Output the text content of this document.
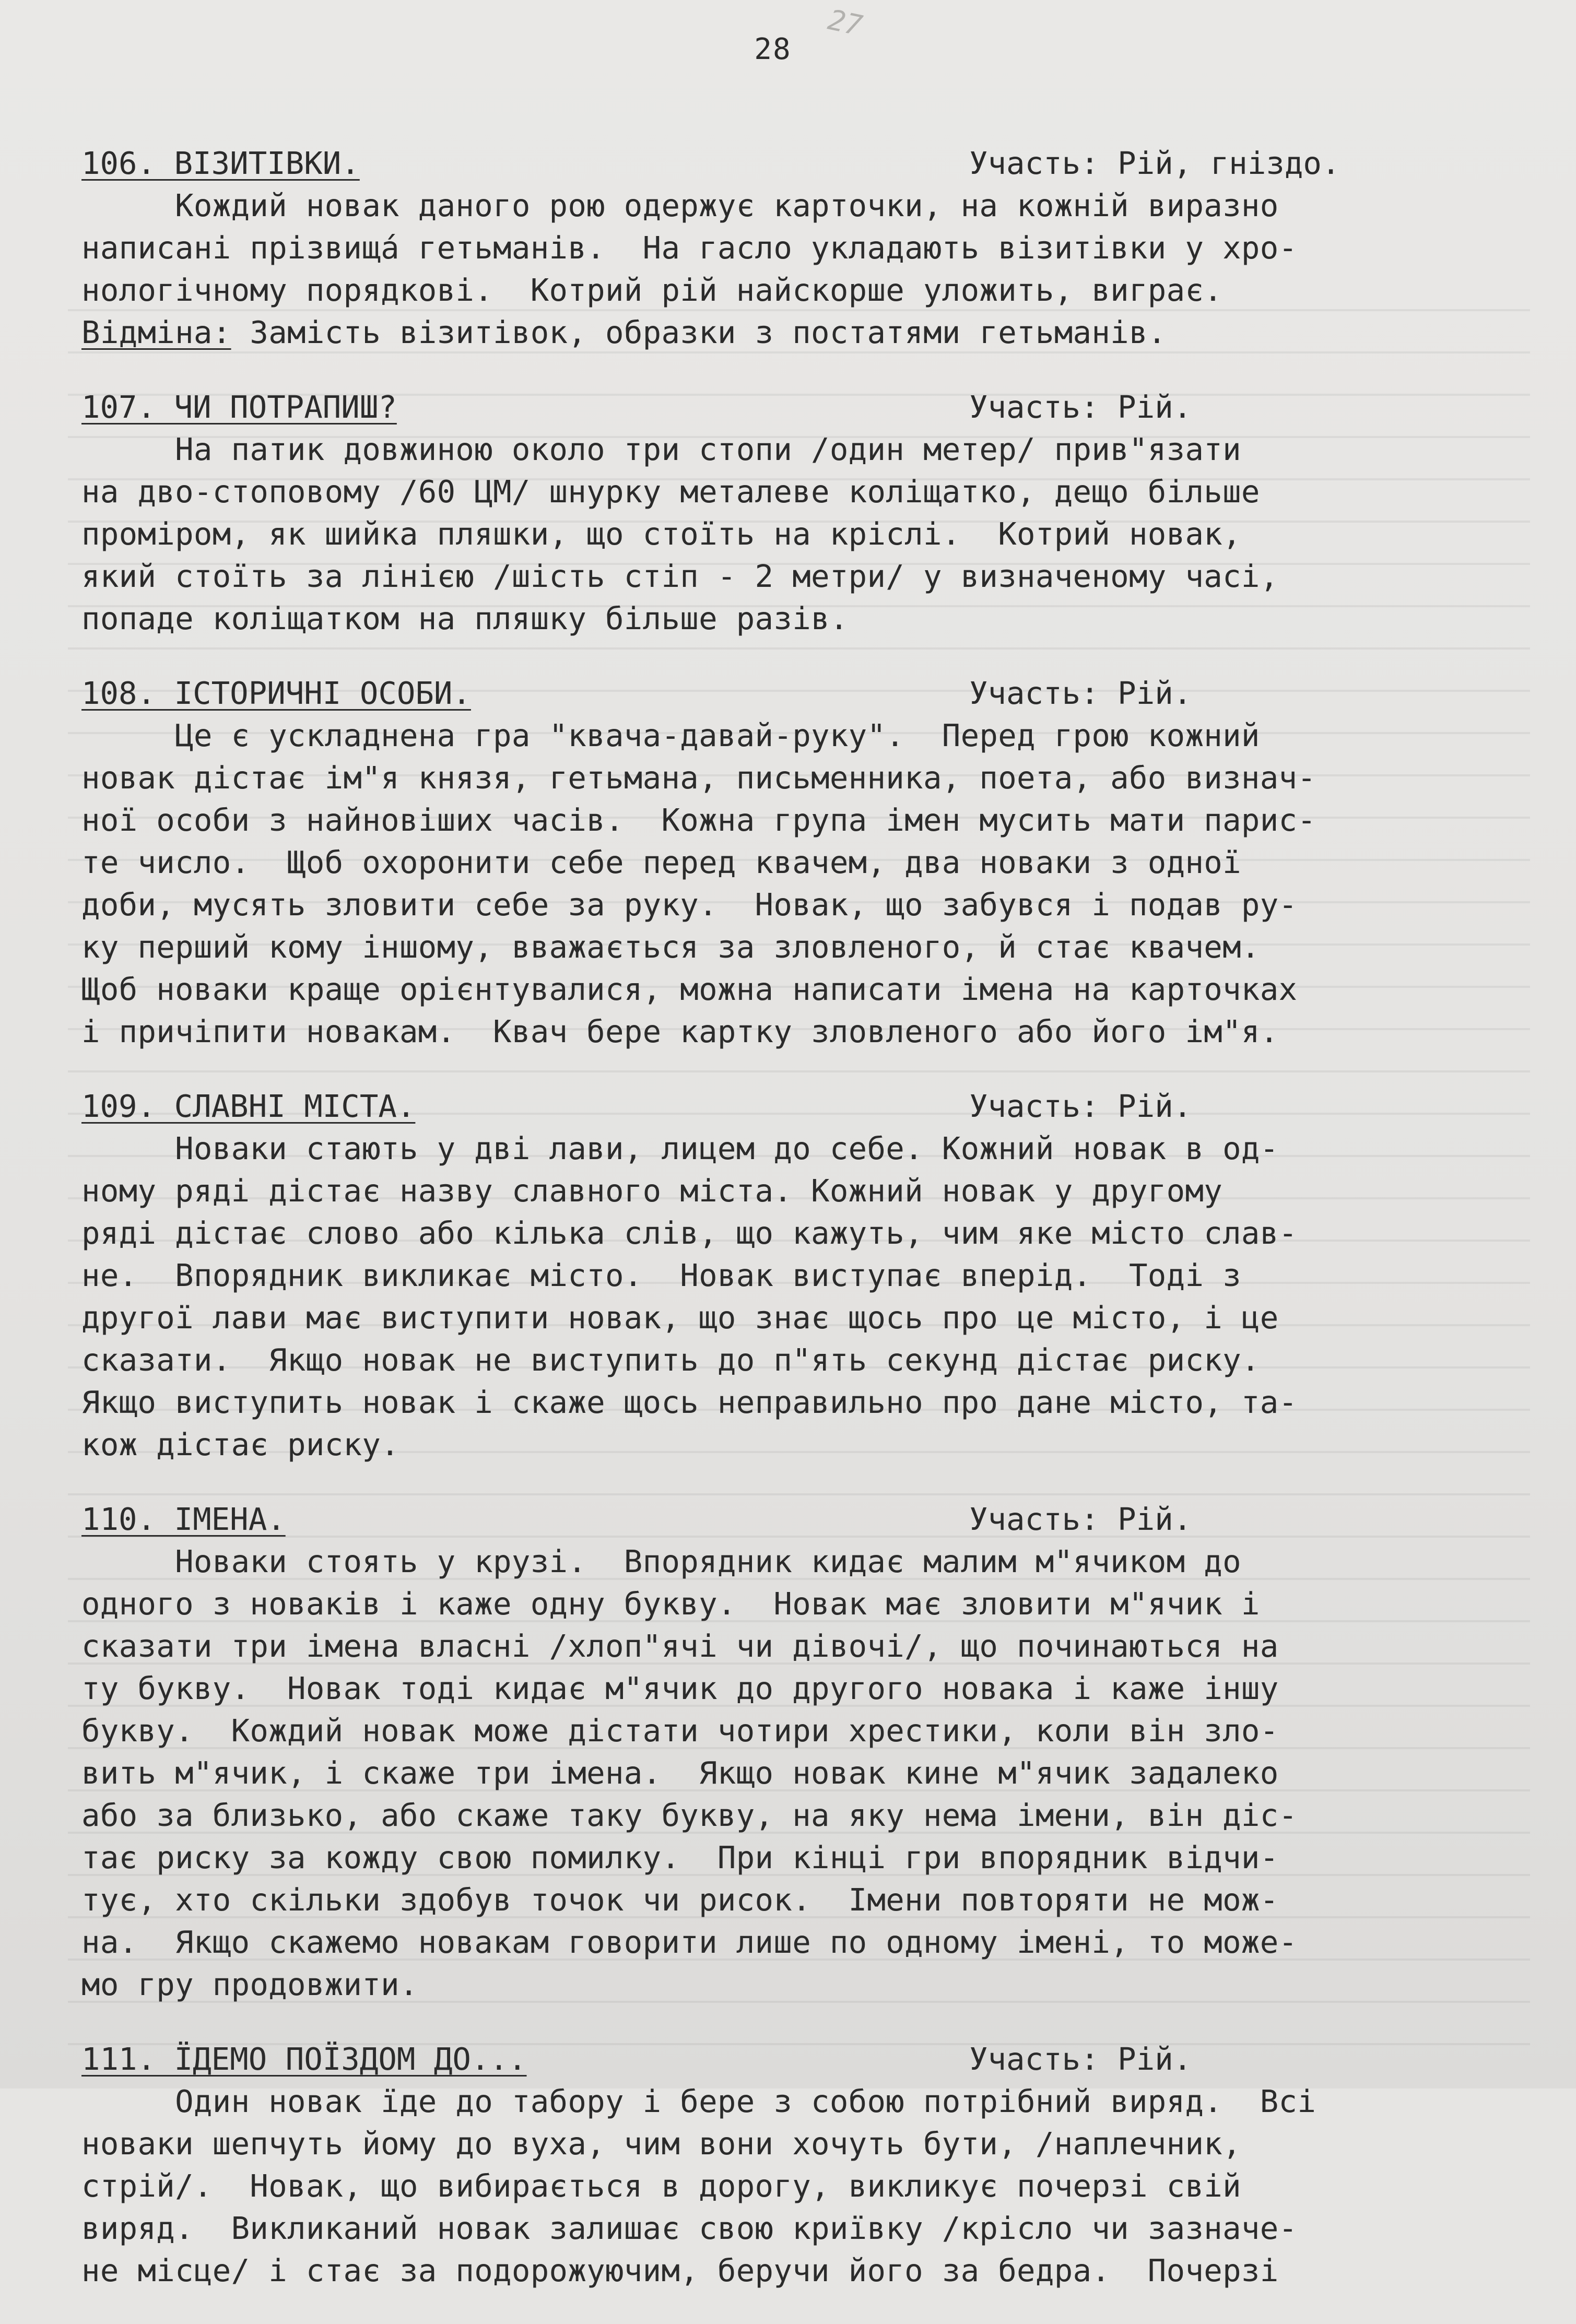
27
28
106. ВІЗИТІВКИ.	Участь: Рій, гніздо.
Кождий новак даного рою одержує карточки, на кожній виразно
написані прізвищá гетьманів.  На гасло укладають візитівки у хро-
нологічному порядкові.  Котрий рій найскорше уложить, виграє.
Відміна: Замість візитівок, образки з постатями гетьманів.
107. ЧИ ПОТРАПИШ?	Участь: Рій.
На патик довжиною около три стопи /один метер/ прив"язати
на дво-стоповому /60 ЦМ/ шнурку металеве коліщатко, дещо більше
проміром, як шийка пляшки, що стоїть на кріслі.  Котрий новак,
який стоїть за лінією /шість стіп - 2 метри/ у визначеному часі,
попаде коліщатком на пляшку більше разів.
108. ІСТОРИЧНІ ОСОБИ.	Участь: Рій.
Це є ускладнена гра "квача-давай-руку".  Перед грою кожний
новак дістає ім"я князя, гетьмана, письменника, поета, або визнач-
ної особи з найновіших часів.  Кожна група імен мусить мати парис-
те число.  Щоб охоронити себе перед квачем, два новаки з одної
доби, мусять зловити себе за руку.  Новак, що забувся і подав ру-
ку перший кому іншому, вважається за зловленого, й стає квачем.
Щоб новаки краще орієнтувалися, можна написати імена на карточках
і причіпити новакам.  Квач бере картку зловленого або його ім"я.
109. СЛАВНІ МІСТА.	Участь: Рій.
Новаки стають у дві лави, лицем до себе. Кожний новак в од-
ному ряді дістає назву славного міста. Кожний новак у другому
ряді дістає слово або кілька слів, що кажуть, чим яке місто слав-
не.  Впорядник викликає місто.  Новак виступає вперід.  Тоді з
другої лави має виступити новак, що знає щось про це місто, і це
сказати.  Якщо новак не виступить до п"ять секунд дістає риску.
Якщо виступить новак і скаже щось неправильно про дане місто, та-
кож дістає риску.
110. ІМЕНА.	Участь: Рій.
Новаки стоять у крузі.  Впорядник кидає малим м"ячиком до
одного з новаків і каже одну букву.  Новак має зловити м"ячик і
сказати три імена власні /хлоп"ячі чи дівочі/, що починаються на
ту букву.  Новак тоді кидає м"ячик до другого новака і каже іншу
букву.  Кождий новак може дістати чотири хрестики, коли він зло-
вить м"ячик, і скаже три імена.  Якщо новак кине м"ячик задалеко
або за близько, або скаже таку букву, на яку нема імени, він діс-
тає риску за кожду свою помилку.  При кінці гри впорядник відчи-
тує, хто скільки здобув точок чи рисок.  Імени повторяти не мож-
на.  Якщо скажемо новакам говорити лише по одному імені, то може-
мо гру продовжити.
111. ЇДЕМО ПОЇЗДОМ ДО...	Участь: Рій.
Один новак їде до табору і бере з собою потрібний виряд.  Всі
новаки шепчуть йому до вуха, чим вони хочуть бути, /наплечник,
стрій/.  Новак, що вибирається в дорогу, викликує почерзі свій
виряд.  Викликаний новак залишає свою криївку /крісло чи зазначе-
не місце/ і стає за подорожуючим, беручи його за бедра.  Почерзі
